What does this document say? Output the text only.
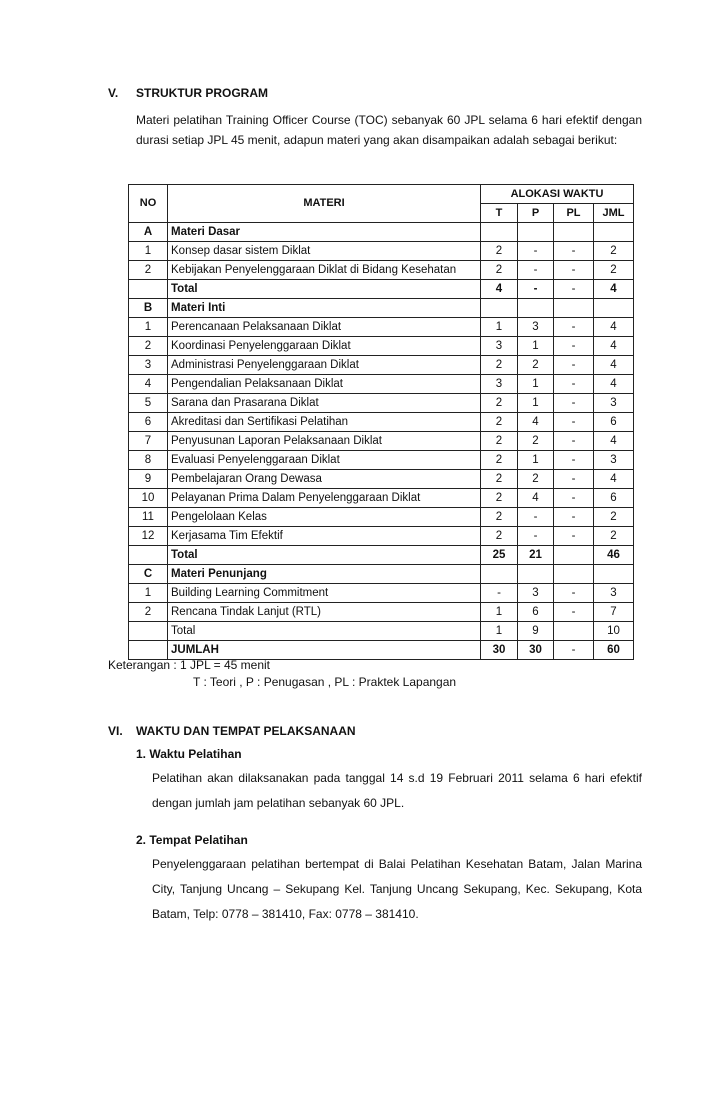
V. STRUKTUR PROGRAM
Materi pelatihan Training Officer Course (TOC) sebanyak 60 JPL selama 6 hari efektif dengan durasi setiap JPL 45 menit, adapun materi yang akan disampaikan adalah sebagai berikut:
NO	MATERI	ALOKASI WAKTU			
		T	P	PL	JML
A	Materi Dasar				
1	Konsep dasar sistem Diklat	2	-	-	2
2	Kebijakan Penyelenggaraan Diklat di Bidang Kesehatan	2	-	-	2
	Total	4	-	-	4
B	Materi Inti				
1	Perencanaan Pelaksanaan Diklat	1	3	-	4
2	Koordinasi Penyelenggaraan Diklat	3	1	-	4
3	Administrasi Penyelenggaraan Diklat	2	2	-	4
4	Pengendalian Pelaksanaan Diklat	3	1	-	4
5	Sarana dan Prasarana Diklat	2	1	-	3
6	Akreditasi dan Sertifikasi Pelatihan	2	4	-	6
7	Penyusunan Laporan Pelaksanaan Diklat	2	2	-	4
8	Evaluasi Penyelenggaraan Diklat	2	1	-	3
9	Pembelajaran Orang Dewasa	2	2	-	4
10	Pelayanan Prima Dalam Penyelenggaraan Diklat	2	4	-	6
11	Pengelolaan Kelas	2	-	-	2
12	Kerjasama Tim Efektif	2	-	-	2
	Total	25	21		46
C	Materi Penunjang				
1	Building Learning Commitment	-	3	-	3
2	Rencana Tindak Lanjut (RTL)	1	6	-	7
	Total	1	9		10
	JUMLAH	30	30	-	60
Keterangan : 1 JPL = 45 menit
T : Teori , P : Penugasan , PL : Praktek Lapangan
VI. WAKTU DAN TEMPAT PELAKSANAAN
1. Waktu Pelatihan
Pelatihan akan dilaksanakan pada tanggal 14 s.d 19 Februari 2011 selama 6 hari efektif dengan jumlah jam pelatihan sebanyak 60 JPL.
2. Tempat Pelatihan
Penyelenggaraan pelatihan bertempat di Balai Pelatihan Kesehatan Batam, Jalan Marina City, Tanjung Uncang – Sekupang Kel. Tanjung Uncang Sekupang, Kec. Sekupang, Kota Batam, Telp: 0778 – 381410, Fax: 0778 – 381410.
